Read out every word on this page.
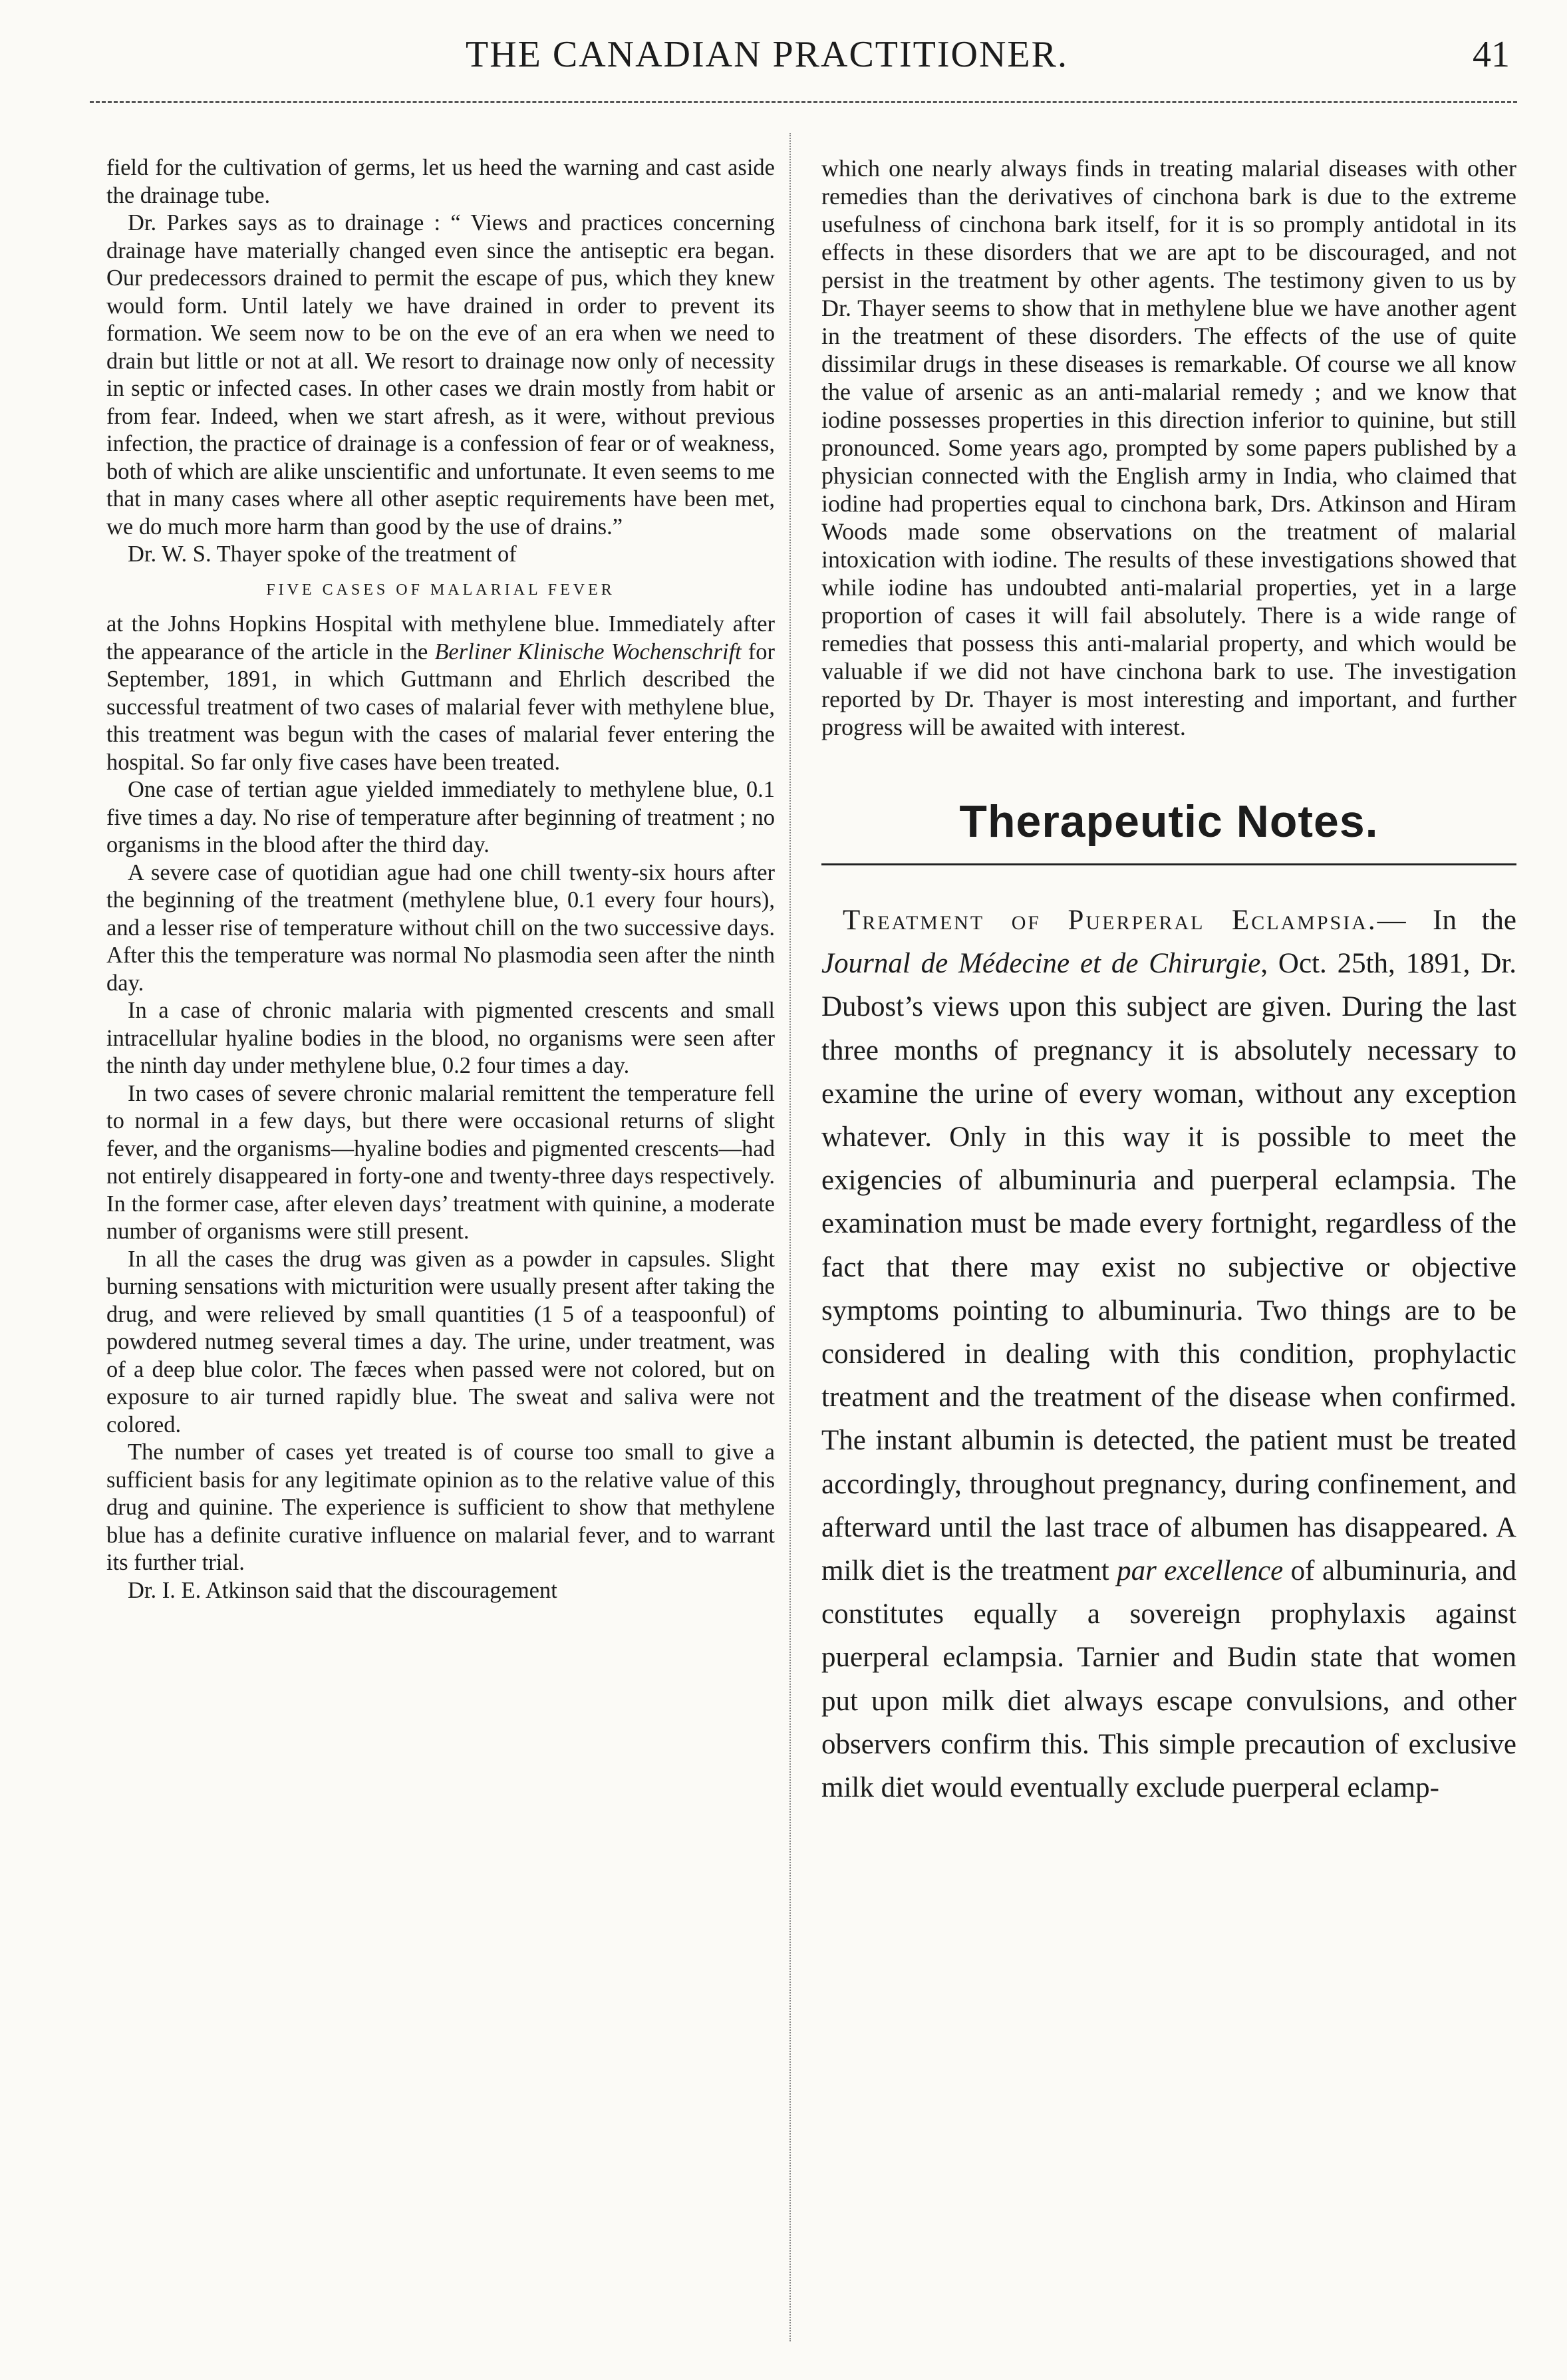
THE CANADIAN PRACTITIONER.	41

field for the cultivation of germs, let us heed the warning and cast aside the drainage tube.

Dr. Parkes says as to drainage : “ Views and practices concerning drainage have materially changed even since the antiseptic era began. Our predecessors drained to permit the escape of pus, which they knew would form. Until lately we have drained in order to prevent its formation. We seem now to be on the eve of an era when we need to drain but little or not at all. We resort to drainage now only of necessity in septic or infected cases. In other cases we drain mostly from habit or from fear. Indeed, when we start afresh, as it were, without previous infection, the practice of drainage is a confession of fear or of weakness, both of which are alike unscientific and unfortunate. It even seems to me that in many cases where all other aseptic requirements have been met, we do much more harm than good by the use of drains.”

Dr. W. S. Thayer spoke of the treatment of

FIVE CASES OF MALARIAL FEVER

at the Johns Hopkins Hospital with methylene blue. Immediately after the appearance of the article in the Berliner Klinische Wochenschrift for September, 1891, in which Guttmann and Ehrlich described the successful treatment of two cases of malarial fever with methylene blue, this treatment was begun with the cases of malarial fever entering the hospital. So far only five cases have been treated.

One case of tertian ague yielded immediately to methylene blue, 0.1 five times a day. No rise of temperature after beginning of treatment ; no organisms in the blood after the third day.

A severe case of quotidian ague had one chill twenty-six hours after the beginning of the treatment (methylene blue, 0.1 every four hours), and a lesser rise of temperature without chill on the two successive days. After this the temperature was normal No plasmodia seen after the ninth day.

In a case of chronic malaria with pigmented crescents and small intracellular hyaline bodies in the blood, no organisms were seen after the ninth day under methylene blue, 0.2 four times a day.

In two cases of severe chronic malarial remittent the temperature fell to normal in a few days, but there were occasional returns of slight fever, and the organisms—hyaline bodies and pigmented crescents—had not entirely disappeared in forty-one and twenty-three days respectively. In the former case, after eleven days’ treatment with quinine, a moderate number of organisms were still present.

In all the cases the drug was given as a powder in capsules. Slight burning sensations with micturition were usually present after taking the drug, and were relieved by small quantities (1 5 of a teaspoonful) of powdered nutmeg several times a day. The urine, under treatment, was of a deep blue color. The fæces when passed were not colored, but on exposure to air turned rapidly blue. The sweat and saliva were not colored.

The number of cases yet treated is of course too small to give a sufficient basis for any legitimate opinion as to the relative value of this drug and quinine. The experience is sufficient to show that methylene blue has a definite curative influence on malarial fever, and to warrant its further trial.

Dr. I. E. Atkinson said that the discouragement

which one nearly always finds in treating malarial diseases with other remedies than the derivatives of cinchona bark is due to the extreme usefulness of cinchona bark itself, for it is so promply antidotal in its effects in these disorders that we are apt to be discouraged, and not persist in the treatment by other agents. The testimony given to us by Dr. Thayer seems to show that in methylene blue we have another agent in the treatment of these disorders. The effects of the use of quite dissimilar drugs in these diseases is remarkable. Of course we all know the value of arsenic as an anti-malarial remedy ; and we know that iodine possesses properties in this direction inferior to quinine, but still pronounced. Some years ago, prompted by some papers published by a physician connected with the English army in India, who claimed that iodine had properties equal to cinchona bark, Drs. Atkinson and Hiram Woods made some observations on the treatment of malarial intoxication with iodine. The results of these investigations showed that while iodine has undoubted anti-malarial properties, yet in a large proportion of cases it will fail absolutely. There is a wide range of remedies that possess this anti-malarial property, and which would be valuable if we did not have cinchona bark to use. The investigation reported by Dr. Thayer is most interesting and important, and further progress will be awaited with interest.

Therapeutic Notes.

Treatment of Puerperal Eclampsia.— In the Journal de Médecine et de Chirurgie, Oct. 25th, 1891, Dr. Dubost’s views upon this subject are given. During the last three months of pregnancy it is absolutely necessary to examine the urine of every woman, without any exception whatever. Only in this way it is possible to meet the exigencies of albuminuria and puerperal eclampsia. The examination must be made every fortnight, regardless of the fact that there may exist no subjective or objective symptoms pointing to albuminuria. Two things are to be considered in dealing with this condition, prophylactic treatment and the treatment of the disease when confirmed. The instant albumin is detected, the patient must be treated accordingly, throughout pregnancy, during confinement, and afterward until the last trace of albumen has disappeared. A milk diet is the treatment par excellence of albuminuria, and constitutes equally a sovereign prophylaxis against puerperal eclampsia. Tarnier and Budin state that women put upon milk diet always escape convulsions, and other observers confirm this. This simple precaution of exclusive milk diet would eventually exclude puerperal eclamp-
